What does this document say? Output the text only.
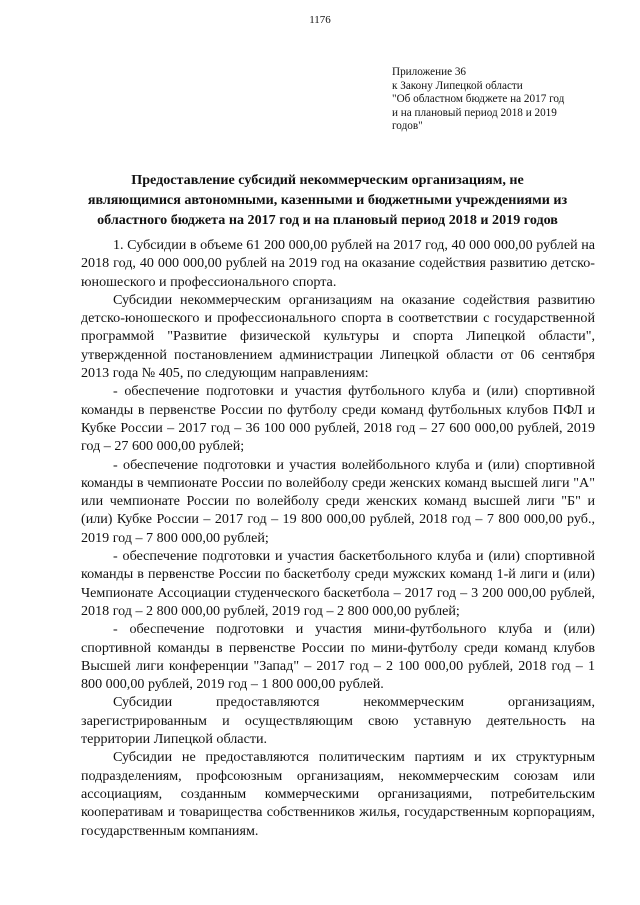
1176
Приложение 36
к Закону Липецкой области
"Об областном бюджете на 2017 год
и на плановый период 2018 и 2019
годов"
Предоставление субсидий некоммерческим организациям, не
являющимися автономными, казенными и бюджетными учреждениями из
областного бюджета на 2017 год и на плановый период 2018 и 2019 годов

1. Субсидии в объеме 61 200 000,00 рублей на 2017 год, 40 000 000,00 рублей на 2018 год, 40 000 000,00 рублей на 2019 год на оказание содействия развитию детско-юношеского и профессионального спорта.

Субсидии некоммерческим организациям на оказание содействия развитию детско-юношеского и профессионального спорта в соответствии с государственной программой "Развитие физической культуры и спорта Липецкой области", утвержденной постановлением администрации Липецкой области от 06 сентября 2013 года № 405, по следующим направлениям:

- обеспечение подготовки и участия футбольного клуба и (или) спортивной команды в первенстве России по футболу среди команд футбольных клубов ПФЛ и Кубке России – 2017 год – 36 100 000 рублей, 2018 год – 27 600 000,00 рублей, 2019 год – 27 600 000,00 рублей;

- обеспечение подготовки и участия волейбольного клуба и (или) спортивной команды в чемпионате России по волейболу среди женских команд высшей лиги "А" или чемпионате России по волейболу среди женских команд высшей лиги "Б" и (или) Кубке России – 2017 год – 19 800 000,00 рублей, 2018 год – 7 800 000,00 руб., 2019 год – 7 800 000,00 рублей;

- обеспечение подготовки и участия баскетбольного клуба и (или) спортивной команды в первенстве России по баскетболу среди мужских команд 1-й лиги и (или) Чемпионате Ассоциации студенческого баскетбола – 2017 год – 3 200 000,00 рублей, 2018 год – 2 800 000,00 рублей, 2019 год – 2 800 000,00 рублей;

- обеспечение подготовки и участия мини-футбольного клуба и (или) спортивной команды в первенстве России по мини-футболу среди команд клубов Высшей лиги конференции "Запад" – 2017 год – 2 100 000,00 рублей, 2018 год – 1 800 000,00 рублей, 2019 год – 1 800 000,00 рублей.

Субсидии предоставляются некоммерческим организациям, зарегистрированным и осуществляющим свою уставную деятельность на территории Липецкой области.

Субсидии не предоставляются политическим партиям и их структурным подразделениям, профсоюзным организациям, некоммерческим союзам или ассоциациям, созданным коммерческими организациями, потребительским кооперативам и товарищества собственников жилья, государственным корпорациям, государственным компаниям.
